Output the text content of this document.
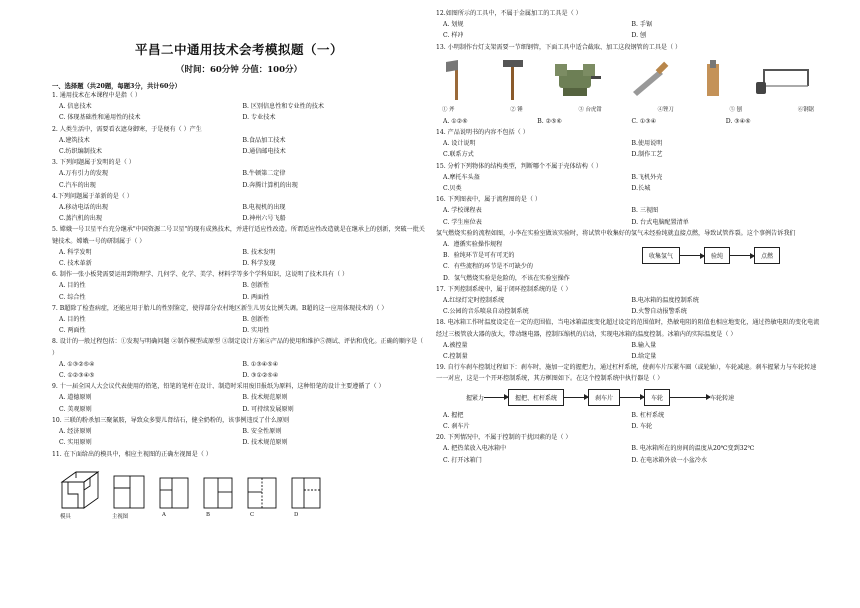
平昌二中通用技术会考模拟题（一）
（时间：60分钟 分值：100分）
一、选择题（共20题，每题3分，共计60分）
1. 通用技术在本课程中是指（ ）
A. 信息技术	B. 区别信息性和专业性的技术
C. 体现基础性和通用性的技术	D. 专业技术
2. 人类生活中，需要看衣遮身御寒，于是便有（ ）产生
A.建筑技术	B.食品加工技术
C.纺织编制技术	D.通信邮电技术
3. 下列问题属于发明的是（ ）
A.万有引力的发现	B.牛顿第二定律
C.汽车的出现	D.奔腾计算机的出现
4.下列问题属于革新的是（ ）
A.移动电话的出现	B.电视机的出现
C.蒸汽机的出现	D.神州六号飞船
5. 嫦娥一号卫星平台充分继承"中国资源二号卫星"的现有成熟技术，并进行适应性改造。所谓适应性改造就是在继承上的创新，突破一批关键技术。嫦娥一号的研制属于（ ）
A. 科学发明	B. 技术发明
C. 技术革新	D. 科学发现
6. 制作一张小板凳需要运用到物理学、几何学、化学、美学、材料学等多个学科知识，这说明了技术具有（ ）
A. 目的性	B. 创新性
C. 综合性	D. 两面性
7. B超除了检查病症，还能应用于胎儿的性别鉴定，使得部分农村地区新生儿男女比例失调。B超的这一应用体现技术的（ ）
A. 目的性	B. 创新性
C. 两面性	D. 实用性
8. 设计的一般过程包括：①发现与明确问题 ②制作模型或原型 ③制定设计方案④产品的使用和维护⑤测试、评估和优化。正确的顺序是（ ）
A. ①③②⑤④	B. ①③④⑤④
C. ①②③④⑤	D. ③①②⑤④
9. 十一届全国人大会议代表使用的铅笔，铅笔的笔杆在设计、制造时采用废旧报纸为原料，这种铅笔的设计主要遵循了（ ）
A. 道德原则	B. 技术规范原则
C. 美观原则	D. 可持续发展原则
10. 三联的粉杀加三聚氰胺，导致众多婴儿肾结石，健全奶粉的，该事例违反了什么原则
A. 经济原则	B. 安全性原则
C. 实用原则	D. 技术规范原则
11. 在下面给出的模具中，相应主视图的正确左视图是（ ）
模具	主视图	A	B	C	D
12.如图所示的工具中，不属于金属加工的工具是（ ）
A. 划规	B. 手锯
C. 样冲	D. 刨
13. 小明制作台灯支架需要一节细钢管，下面工具中适合截取、加工这段钢管的工具是（ ）
① 斧	② 锤	③ 台虎钳	④锉刀	⑤ 刨	⑥钢锯
A. ①②⑥	B. ②⑤⑥	C. ①③④	D. ③④⑥
14. 产品说明书的内容不包括（ ）
A. 设计说明	B.使用说明
C.联系方式	D.制作工艺
15. 分析下列物体的结构类型，判断哪个不属于壳体结构（ ）
A.摩托车头盔	B.飞机外壳
C.贝类	D.长城
16. 下列图表中，属于流程图的是（ ）
A. 学校课程表	B. 三视图
C. 学生座位表	D. 台式电脑配置清单
氢气燃烧实验的流程如图，小李在实验室做该实验时，将试管中收集好的氢气未经验纯就直接点燃，导致试管炸裂。这个事例告诉我们
A．遵循实验操作规程
B．验纯环节是可有可无的
C．有些流程的环节是不可缺少的
D．氢气燃烧实验是危险的，不该在实验室操作
收集氢气	验纯	点燃
17. 下列控制系统中，属于闭环控制系统的是（ ）
A.红绿灯定时控制系统	B.电冰箱的温度控制系统
C.公园的音乐喷泉自动控制系统	D.火警自动报警系统
18. 电冰箱工作时温度设定在一定的范围值，当电冰箱温度变化超过设定的范围值时，热敏电阻的阻值也相应地变化，通过热敏电阻的变化电流经过三极管放大器的放大，带动继电器，控制压缩机的启动，实现电冰箱的温度控制。冰箱内的实际温度是（ ）
A.被控量	B.输入量
C.控制量	D.给定量
19. 自行车刹车控制过程如下：刹车时，施加一定的握把力，通过杠杆系统，使刹车片压紧车圈（或轮轴），车轮减速。刹车握紧力与车轮转速一一对应，这是一个开环控制系统，其方框图如下。在这个控制系统中执行器是（ ）
握紧力	握把、杠杆系统	刹车片	车轮	车轮转速
A. 握把	B. 杠杆系统
C. 刹车片	D. 车轮
20. 下列情况中，不属于控制的干扰因素的是（ ）
A. 把热菜放入电冰箱中	B. 电冰箱所在的房间的温度从20℃变到32℃
C. 打开冰箱门	D. 在电冰箱外放一小盆冷水
